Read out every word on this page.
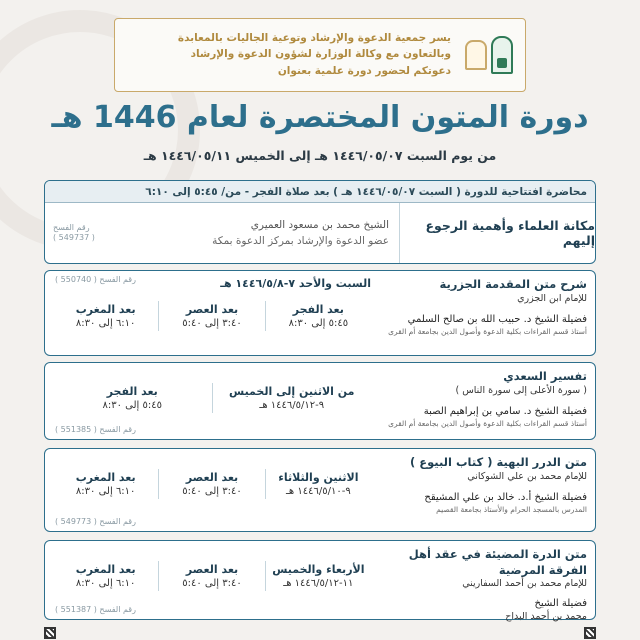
يسر جمعية الدعوة والإرشاد وتوعية الجاليات بالمعابدة
وبالتعاون مع وكالة الوزارة لشؤون الدعوة والإرشاد
دعوتكم لحضور دورة علمية بعنوان
دورة المتون المختصرة لعام 1446 هـ
من يوم السبت ١٤٤٦/٠٥/٠٧ هـ إلى الخميس ١٤٤٦/٠٥/١١ هـ
محاضرة افتتاحية للدورة ( السبت ١٤٤٦/٠٥/٠٧ هـ ) بعد صلاة الفجر - من/ ٥:٤٥ إلى ٦:١٠
مكانة العلماء وأهمية الرجوع إليهم
الشيخ محمد بن مسعود العميري
عضو الدعوة والإرشاد بمركز الدعوة بمكة
رقم الفسح
( 549737 )
شرح متن المقدمة الجزرية
للإمام ابن الجزري
فضيلة الشيخ د. حبيب الله بن صالح السلمي
أستاذ قسم القراءات بكلية الدعوة وأصول الدين بجامعة أم القرى
السبت والأحد ٧-١٤٤٦/٥/٨ هـ
بعد الفجر
٥:٤٥ إلى ٨:٣٠
بعد العصر
٣:٤٠ إلى ٥:٤٠
بعد المغرب
٦:١٠ إلى ٨:٣٠
رقم الفسح ( 550740 )
تفسير السعدي
( سورة الأعلى إلى سورة الناس )
فضيلة الشيخ د. سامي بن إبراهيم الصبة
أستاذ قسم القراءات بكلية الدعوة وأصول الدين بجامعة أم القرى
من الاثنين إلى الخميس
٩-١٤٤٦/٥/١٢ هـ
بعد الفجر
٥:٤٥ إلى ٨:٣٠
رقم الفسح ( 551385 )
متن الدرر البهية ( كتاب البيوع )
للإمام محمد بن علي الشوكاني
فضيلة الشيخ أ.د. خالد بن علي المشيقح
المدرس بالمسجد الحرام والأستاذ بجامعة القصيم
الاثنين والثلاثاء
٩-١٤٤٦/٥/١٠ هـ
بعد العصر
٣:٤٠ إلى ٥:٤٠
بعد المغرب
٦:١٠ إلى ٨:٣٠
رقم الفسح ( 549773 )
متن الدرة المضيئة في عقد أهل الفرقة المرضية
للإمام محمد بن أحمد السفاريني
فضيلة الشيخ
محمد بن أحمد البداح
الأربعاء والخميس
١١-١٤٤٦/٥/١٢ هـ
بعد العصر
٣:٤٠ إلى ٥:٤٠
بعد المغرب
٦:١٠ إلى ٨:٣٠
رقم الفسح ( 551387 )
